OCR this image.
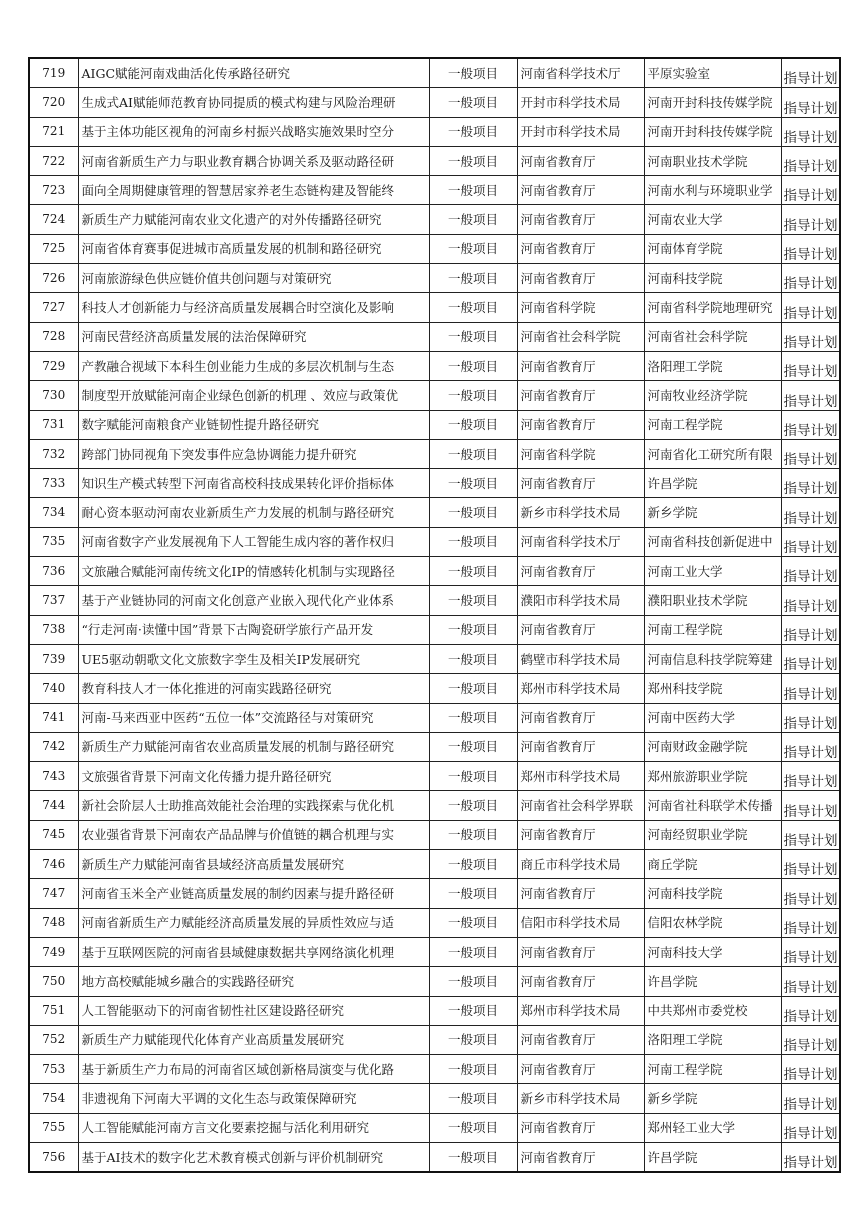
719	AIGC赋能河南戏曲活化传承路径研究	一般项目	河南省科学技术厅	平原实验室	指导计划
720	生成式AI赋能师范教育协同提质的模式构建与风险治理研	一般项目	开封市科学技术局	河南开封科技传媒学院	指导计划
721	基于主体功能区视角的河南乡村振兴战略实施效果时空分	一般项目	开封市科学技术局	河南开封科技传媒学院	指导计划
722	河南省新质生产力与职业教育耦合协调关系及驱动路径研	一般项目	河南省教育厅	河南职业技术学院	指导计划
723	面向全周期健康管理的智慧居家养老生态链构建及智能终	一般项目	河南省教育厅	河南水利与环境职业学	指导计划
724	新质生产力赋能河南农业文化遗产的对外传播路径研究	一般项目	河南省教育厅	河南农业大学	指导计划
725	河南省体育赛事促进城市高质量发展的机制和路径研究	一般项目	河南省教育厅	河南体育学院	指导计划
726	河南旅游绿色供应链价值共创问题与对策研究	一般项目	河南省教育厅	河南科技学院	指导计划
727	科技人才创新能力与经济高质量发展耦合时空演化及影响	一般项目	河南省科学院	河南省科学院地理研究	指导计划
728	河南民营经济高质量发展的法治保障研究	一般项目	河南省社会科学院	河南省社会科学院	指导计划
729	产教融合视域下本科生创业能力生成的多层次机制与生态	一般项目	河南省教育厅	洛阳理工学院	指导计划
730	制度型开放赋能河南企业绿色创新的机理 、效应与政策优	一般项目	河南省教育厅	河南牧业经济学院	指导计划
731	数字赋能河南粮食产业链韧性提升路径研究	一般项目	河南省教育厅	河南工程学院	指导计划
732	跨部门协同视角下突发事件应急协调能力提升研究	一般项目	河南省科学院	河南省化工研究所有限	指导计划
733	知识生产模式转型下河南省高校科技成果转化评价指标体	一般项目	河南省教育厅	许昌学院	指导计划
734	耐心资本驱动河南农业新质生产力发展的机制与路径研究	一般项目	新乡市科学技术局	新乡学院	指导计划
735	河南省数字产业发展视角下人工智能生成内容的著作权归	一般项目	河南省科学技术厅	河南省科技创新促进中	指导计划
736	文旅融合赋能河南传统文化IP的情感转化机制与实现路径	一般项目	河南省教育厅	河南工业大学	指导计划
737	基于产业链协同的河南文化创意产业嵌入现代化产业体系	一般项目	濮阳市科学技术局	濮阳职业技术学院	指导计划
738	“行走河南·读懂中国”背景下古陶瓷研学旅行产品开发	一般项目	河南省教育厅	河南工程学院	指导计划
739	UE5驱动朝歌文化文旅数字孪生及相关IP发展研究	一般项目	鹤壁市科学技术局	河南信息科技学院筹建	指导计划
740	教育科技人才一体化推进的河南实践路径研究	一般项目	郑州市科学技术局	郑州科技学院	指导计划
741	河南-马来西亚中医药“五位一体”交流路径与对策研究	一般项目	河南省教育厅	河南中医药大学	指导计划
742	新质生产力赋能河南省农业高质量发展的机制与路径研究	一般项目	河南省教育厅	河南财政金融学院	指导计划
743	文旅强省背景下河南文化传播力提升路径研究	一般项目	郑州市科学技术局	郑州旅游职业学院	指导计划
744	新社会阶层人士助推高效能社会治理的实践探索与优化机	一般项目	河南省社会科学界联	河南省社科联学术传播	指导计划
745	农业强省背景下河南农产品品牌与价值链的耦合机理与实	一般项目	河南省教育厅	河南经贸职业学院	指导计划
746	新质生产力赋能河南省县域经济高质量发展研究	一般项目	商丘市科学技术局	商丘学院	指导计划
747	河南省玉米全产业链高质量发展的制约因素与提升路径研	一般项目	河南省教育厅	河南科技学院	指导计划
748	河南省新质生产力赋能经济高质量发展的异质性效应与适	一般项目	信阳市科学技术局	信阳农林学院	指导计划
749	基于互联网医院的河南省县域健康数据共享网络演化机理	一般项目	河南省教育厅	河南科技大学	指导计划
750	地方高校赋能城乡融合的实践路径研究	一般项目	河南省教育厅	许昌学院	指导计划
751	人工智能驱动下的河南省韧性社区建设路径研究	一般项目	郑州市科学技术局	中共郑州市委党校	指导计划
752	新质生产力赋能现代化体育产业高质量发展研究	一般项目	河南省教育厅	洛阳理工学院	指导计划
753	基于新质生产力布局的河南省区域创新格局演变与优化路	一般项目	河南省教育厅	河南工程学院	指导计划
754	非遗视角下河南大平调的文化生态与政策保障研究	一般项目	新乡市科学技术局	新乡学院	指导计划
755	人工智能赋能河南方言文化要素挖掘与活化利用研究	一般项目	河南省教育厅	郑州轻工业大学	指导计划
756	基于AI技术的数字化艺术教育模式创新与评价机制研究	一般项目	河南省教育厅	许昌学院	指导计划
